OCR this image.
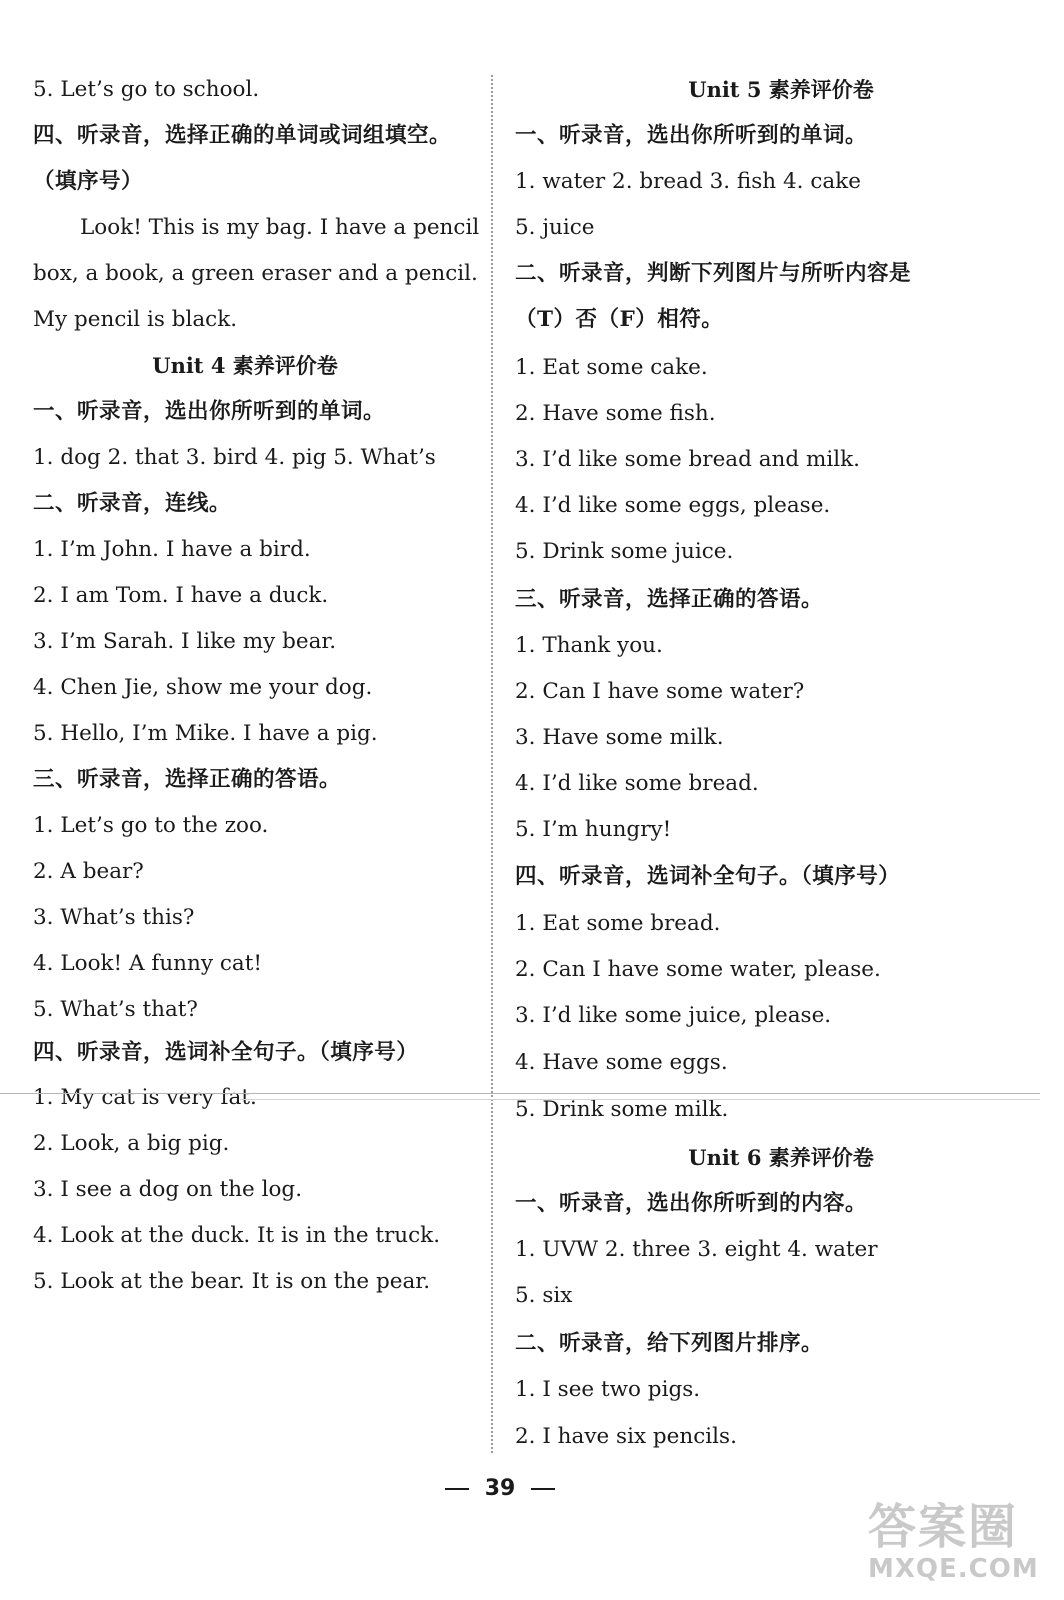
5. Let’s go to school.
四、听录音，选择正确的单词或词组填空。
（填序号）
Look! This is my bag. I have a pencil
box, a book, a green eraser and a pencil.
My pencil is black.
Unit 4 素养评价卷
一、听录音，选出你所听到的单词。
1. dog 2. that 3. bird 4. pig 5. What’s
二、听录音，连线。
1. I’m John. I have a bird.
2. I am Tom. I have a duck.
3. I’m Sarah. I like my bear.
4. Chen Jie, show me your dog.
5. Hello, I’m Mike. I have a pig.
三、听录音，选择正确的答语。
1. Let’s go to the zoo.
2. A bear?
3. What’s this?
4. Look! A funny cat!
5. What’s that?
四、听录音，选词补全句子。（填序号）
1. My cat is very fat.
2. Look, a big pig.
3. I see a dog on the log.
4. Look at the duck. It is in the truck.
5. Look at the bear. It is on the pear.
Unit 5 素养评价卷
一、听录音，选出你所听到的单词。
1. water 2. bread 3. fish 4. cake
5. juice
二、听录音，判断下列图片与所听内容是
（T）否（F）相符。
1. Eat some cake.
2. Have some fish.
3. I’d like some bread and milk.
4. I’d like some eggs, please.
5. Drink some juice.
三、听录音，选择正确的答语。
1. Thank you.
2. Can I have some water?
3. Have some milk.
4. I’d like some bread.
5. I’m hungry!
四、听录音，选词补全句子。（填序号）
1. Eat some bread.
2. Can I have some water, please.
3. I’d like some juice, please.
4. Have some eggs.
5. Drink some milk.
Unit 6 素养评价卷
一、听录音，选出你所听到的内容。
1. UVW 2. three 3. eight 4. water
5. six
二、听录音，给下列图片排序。
1. I see two pigs.
2. I have six pencils.
39
答案圈
MXQE.COM
